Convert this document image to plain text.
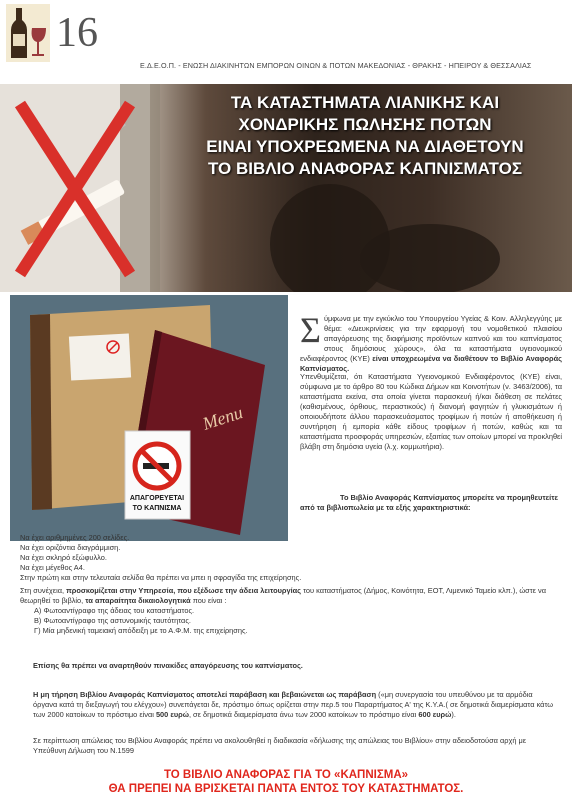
16
Ε.Δ.Ε.Ο.Π. - ΕΝΩΣΗ ΔΙΑΚΙΝΗΤΩΝ ΕΜΠΟΡΩΝ ΟΙΝΩΝ & ΠΟΤΩΝ ΜΑΚΕΔΟΝΙΑΣ - ΘΡΑΚΗΣ - ΗΠΕΙΡΟΥ & ΘΕΣΣΑΛΙΑΣ
ΤΑ ΚΑΤΑΣΤΗΜΑΤΑ ΛΙΑΝΙΚΗΣ ΚΑΙ
ΧΟΝΔΡΙΚΗΣ ΠΩΛΗΣΗΣ ΠΟΤΩΝ
ΕΙΝΑΙ ΥΠΟΧΡΕΩΜΕΝΑ ΝΑ ΔΙΑΘΕΤΟΥΝ
ΤΟ ΒΙΒΛΙΟ ΑΝΑΦΟΡΑΣ ΚΑΠΝΙΣΜΑΤΟΣ
ΑΠΑΓΟΡΕΥΕΤΑΙ
ΤΟ ΚΑΠΝΙΣΜΑ
Menu
Σ ύμφωνα με την εγκύκλιο του Υπουργείου Υγείας & Κοιν. Αλληλεγγύης με θέμα: «Διευκρινίσεις για την εφαρμογή του νομοθετικού πλαισίου απαγόρευσης της διαφήμισης προϊόντων καπνού και του καπνίσματος στους δημόσιους χώρους», όλα τα καταστήματα υγειονομικού ενδιαφέροντος (ΚΥΕ) είναι υποχρεωμένα να διαθέτουν το Βιβλίο Αναφοράς Καπνίσματος.

Υπενθυμίζεται, ότι Καταστήματα Υγειονομικού Ενδιαφέροντος (ΚΥΕ) είναι, σύμφωνα με το άρθρο 80 του Κώδικα Δήμων και Κοινοτήτων (ν. 3463/2006), τα καταστήματα εκείνα, στα οποία γίνεται παρασκευή ή/και διάθεση σε πελάτες (καθισμένους, όρθιους, περαστικούς) ή διανομή φαγητών ή γλυκισμάτων ή οποιουδήποτε άλλου παρασκευάσματος τροφίμων ή ποτών ή αποθήκευση ή συντήρηση ή εμπορία κάθε είδους τροφίμων ή ποτών, καθώς και τα καταστήματα προσφοράς υπηρεσιών, εξαιτίας των οποίων μπορεί να προκληθεί βλάβη στη δημόσια υγεία (λ.χ. κομμωτήρια).

Το Βιβλίο Αναφοράς Καπνίσματος μπορείτε να προμηθευτείτε από τα βιβλιοπωλεία με τα εξής χαρακτηριστικά:

Να έχει αριθμημένες 200 σελίδες.
Να έχει οριζόντια διαγράμμιση.
Να έχει σκληρό εξώφυλλο.
Να έχει μέγεθος Α4.
Στην πρώτη και στην τελευταία σελίδα θα πρέπει να μπει η σφραγίδα της επιχείρησης.

Στη συνέχεια, προσκομίζεται στην Υπηρεσία, που εξέδωσε την άδεια λειτουργίας του καταστήματος (Δήμος, Κοινότητα, ΕΟΤ, Λιμενικό Ταμείο κλπ.), ώστε να θεωρηθεί το βιβλίο, τα απαραίτητα δικαιολογητικά που είναι :

Α) Φωτοαντίγραφο της άδειας του καταστήματος.
Β) Φωτοαντίγραφο της αστυνομικής ταυτότητας.
Γ) Μία μηδενική ταμειακή απόδειξη με το Α.Φ.Μ. της επιχείρησης.
Επίσης θα πρέπει να αναρτηθούν πινακίδες απαγόρευσης του καπνίσματος.

Η μη τήρηση Βιβλίου Αναφοράς Καπνίσματος αποτελεί παράβαση και βεβαιώνεται ως παράβαση («μη συνεργασία του υπευθύνου με τα αρμόδια όργανα κατά τη διεξαγωγή του ελέγχου») συνεπάγεται δε, πρόστιμο όπως ορίζεται στην περ.5 του Παραρτήματος Α' της Κ.Υ.Α.( σε δημοτικά διαμερίσματα κάτω των 2000 κατοίκων το πρόστιμο είναι 500 ευρώ, σε δημοτικά διαμερίσματα άνω των 2000 κατοίκων το πρόστιμο είναι 600 ευρώ).

Σε περίπτωση απώλειας του Βιβλίου Αναφοράς πρέπει να ακολουθηθεί η διαδικασία «δήλωσης της απώλειας του Βιβλίου» στην αδειοδοτούσα αρχή με Υπεύθυνη Δήλωση του Ν.1599

ΤΟ ΒΙΒΛΙΟ ΑΝΑΦΟΡΑΣ ΓΙΑ ΤΟ «ΚΑΠΝΙΣΜΑ»
ΘΑ ΠΡΕΠΕΙ ΝΑ ΒΡΙΣΚΕΤΑΙ ΠΑΝΤΑ ΕΝΤΟΣ ΤΟΥ ΚΑΤΑΣΤΗΜΑΤΟΣ.
